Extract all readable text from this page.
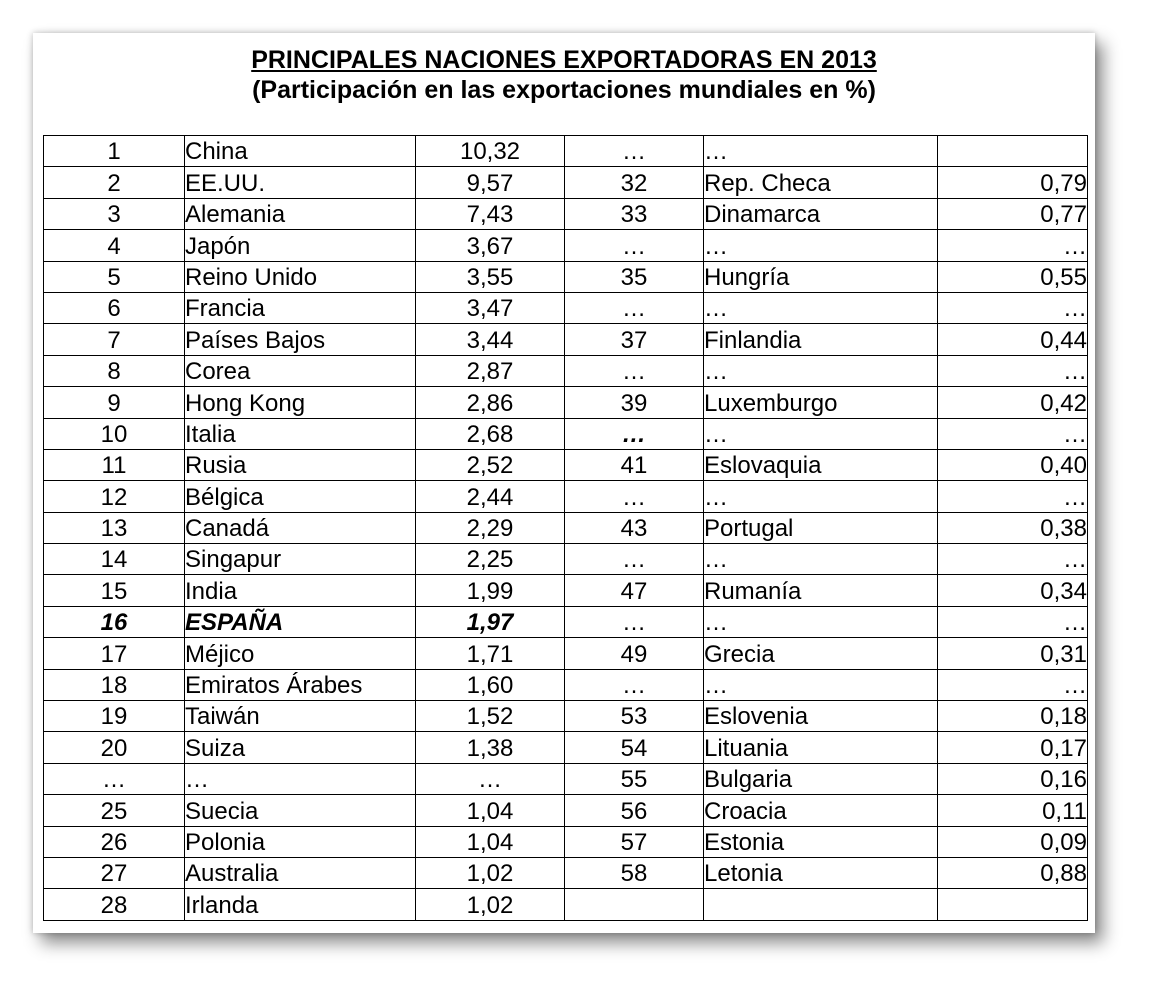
PRINCIPALES NACIONES EXPORTADORAS EN 2013
(Participación en las exportaciones mundiales en %)
1	China	10,32	…	…	
2	EE.UU.	9,57	32	Rep. Checa	0,79
3	Alemania	7,43	33	Dinamarca	0,77
4	Japón	3,67	…	…	…
5	Reino Unido	3,55	35	Hungría	0,55
6	Francia	3,47	…	…	…
7	Países Bajos	3,44	37	Finlandia	0,44
8	Corea	2,87	…	…	…
9	Hong Kong	2,86	39	Luxemburgo	0,42
10	Italia	2,68	…	…	…
11	Rusia	2,52	41	Eslovaquia	0,40
12	Bélgica	2,44	…	…	…
13	Canadá	2,29	43	Portugal	0,38
14	Singapur	2,25	…	…	…
15	India	1,99	47	Rumanía	0,34
16	ESPAÑA	1,97	…	…	…
17	Méjico	1,71	49	Grecia	0,31
18	Emiratos Árabes	1,60	…	…	…
19	Taiwán	1,52	53	Eslovenia	0,18
20	Suiza	1,38	54	Lituania	0,17
…	…	…	55	Bulgaria	0,16
25	Suecia	1,04	56	Croacia	0,11
26	Polonia	1,04	57	Estonia	0,09
27	Australia	1,02	58	Letonia	0,88
28	Irlanda	1,02			
